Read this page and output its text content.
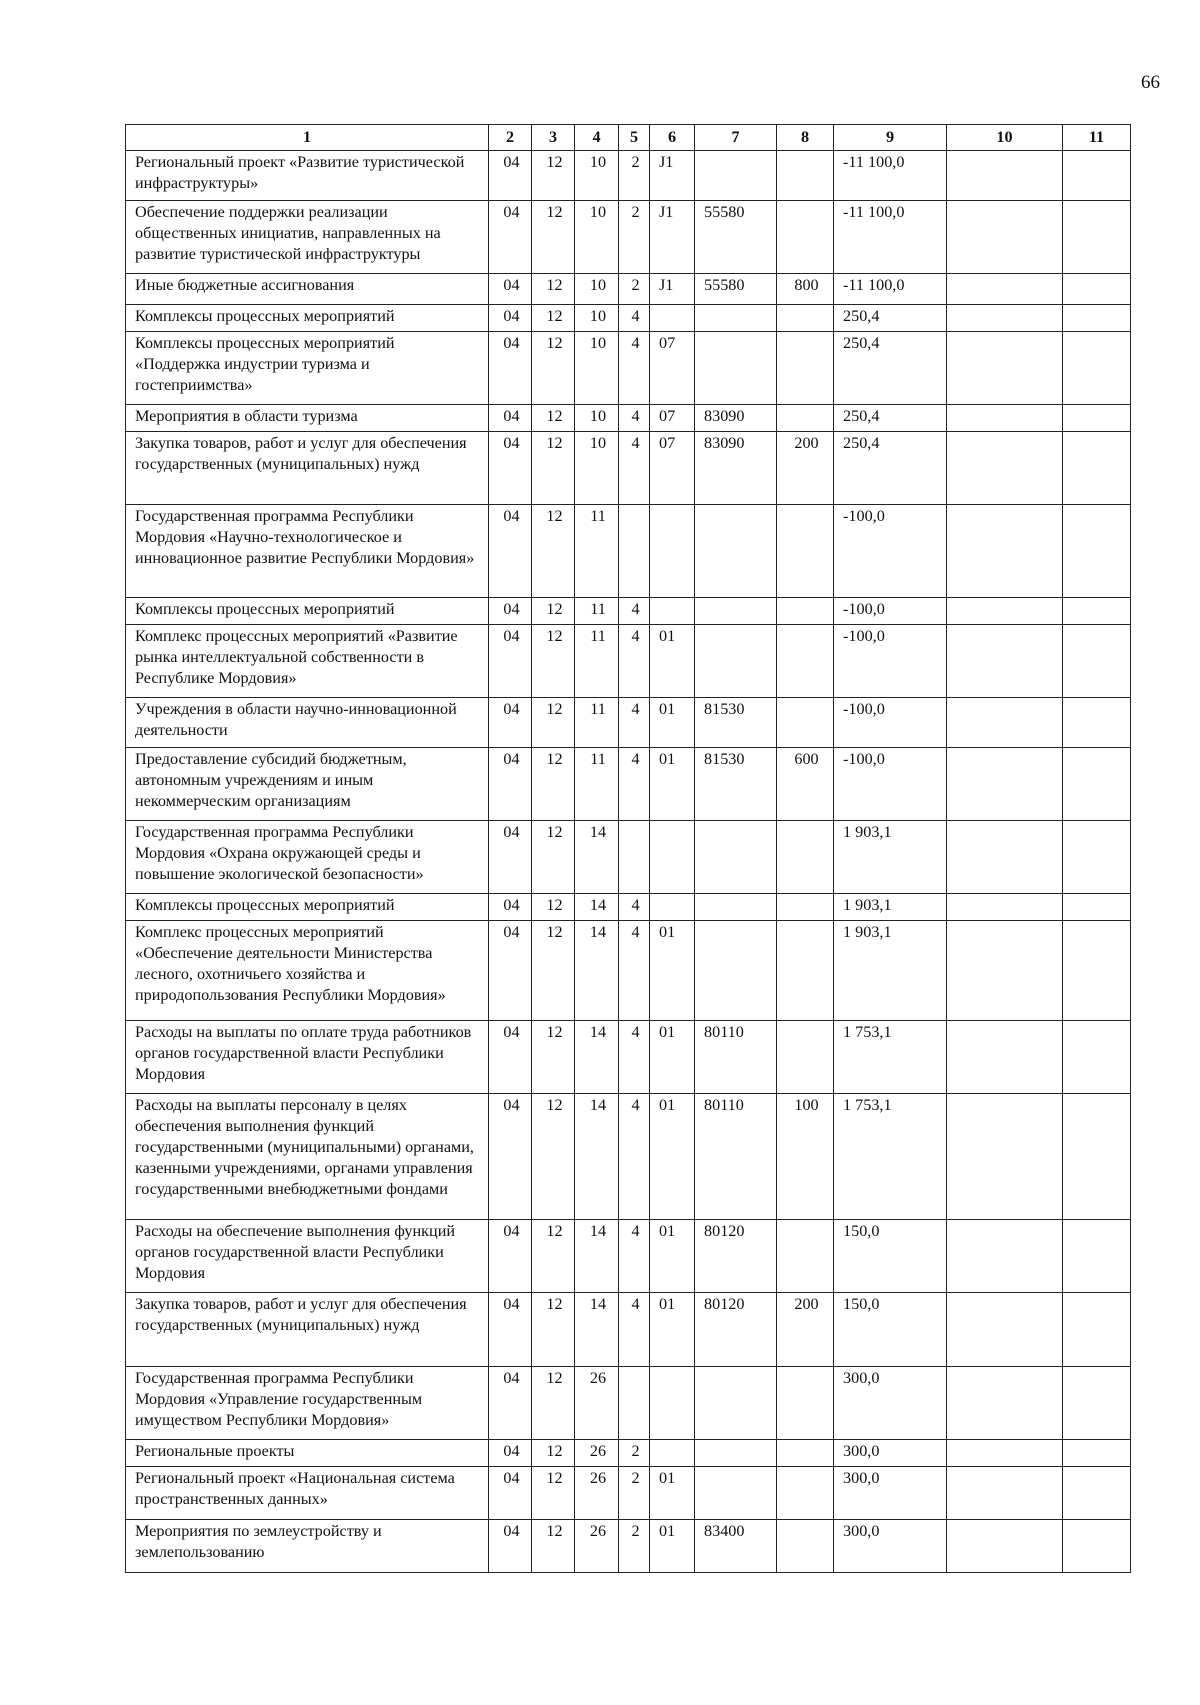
66
1	2	3	4	5	6	7	8	9	10	11
Региональный проект «Развитие туристической инфраструктуры»	04	12	10	2	J1			-11 100,0		
Обеспечение поддержки реализации общественных инициатив, направленных на развитие туристической инфраструктуры	04	12	10	2	J1	55580		-11 100,0		
Иные бюджетные ассигнования	04	12	10	2	J1	55580	800	-11 100,0		
Комплексы процессных мероприятий	04	12	10	4				250,4		
Комплексы процессных мероприятий «Поддержка индустрии туризма и гостеприимства»	04	12	10	4	07			250,4		
Мероприятия в области туризма	04	12	10	4	07	83090		250,4		
Закупка товаров, работ и услуг для обеспечения государственных (муниципальных) нужд	04	12	10	4	07	83090	200	250,4		
Государственная программа Республики Мордовия «Научно-технологическое и инновационное развитие Республики Мордовия»	04	12	11					-100,0		
Комплексы процессных мероприятий	04	12	11	4				-100,0		
Комплекс процессных мероприятий «Развитие рынка интеллектуальной собственности в Республике Мордовия»	04	12	11	4	01			-100,0		
Учреждения в области научно-инновационной деятельности	04	12	11	4	01	81530		-100,0		
Предоставление субсидий бюджетным, автономным учреждениям и иным некоммерческим организациям	04	12	11	4	01	81530	600	-100,0		
Государственная программа Республики Мордовия «Охрана окружающей среды и повышение экологической безопасности»	04	12	14					1 903,1		
Комплексы процессных мероприятий	04	12	14	4				1 903,1		
Комплекс процессных мероприятий «Обеспечение деятельности Министерства лесного, охотничьего хозяйства и природопользования Республики Мордовия»	04	12	14	4	01			1 903,1		
Расходы на выплаты по оплате труда работников органов государственной власти Республики Мордовия	04	12	14	4	01	80110		1 753,1		
Расходы на выплаты персоналу в целях обеспечения выполнения функций государственными (муниципальными) органами, казенными учреждениями, органами управления государственными внебюджетными фондами	04	12	14	4	01	80110	100	1 753,1		
Расходы на обеспечение выполнения функций органов государственной власти Республики Мордовия	04	12	14	4	01	80120		150,0		
Закупка товаров, работ и услуг для обеспечения государственных (муниципальных) нужд	04	12	14	4	01	80120	200	150,0		
Государственная программа Республики Мордовия «Управление государственным имуществом Республики Мордовия»	04	12	26					300,0		
Региональные проекты	04	12	26	2				300,0		
Региональный проект «Национальная система пространственных данных»	04	12	26	2	01			300,0		
Мероприятия по землеустройству и землепользованию	04	12	26	2	01	83400		300,0		
